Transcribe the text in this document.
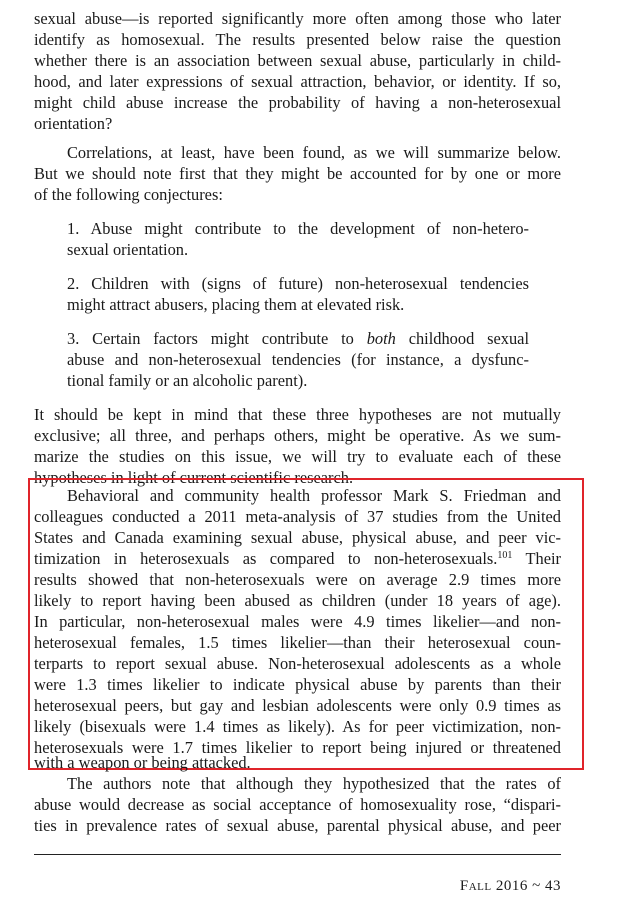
sexual abuse—is reported significantly more often among those who later
identify as homosexual. The results presented below raise the question
whether there is an association between sexual abuse, particularly in child-
hood, and later expressions of sexual attraction, behavior, or identity. If so,
might child abuse increase the probability of having a non-heterosexual
orientation?
Correlations, at least, have been found, as we will summarize below.
But we should note first that they might be accounted for by one or more
of the following conjectures:
1. Abuse might contribute to the development of non-hetero-
sexual orientation.
2. Children with (signs of future) non-heterosexual tendencies
might attract abusers, placing them at elevated risk.
3. Certain factors might contribute to both childhood sexual
abuse and non-heterosexual tendencies (for instance, a dysfunc-
tional family or an alcoholic parent).
It should be kept in mind that these three hypotheses are not mutually
exclusive; all three, and perhaps others, might be operative. As we sum-
marize the studies on this issue, we will try to evaluate each of these
hypotheses in light of current scientific research.
Behavioral and community health professor Mark S. Friedman and
colleagues conducted a 2011 meta-analysis of 37 studies from the United
States and Canada examining sexual abuse, physical abuse, and peer vic-
timization in heterosexuals as compared to non-heterosexuals.$^{101}$ Their
results showed that non-heterosexuals were on average 2.9 times more
likely to report having been abused as children (under 18 years of age).
In particular, non-heterosexual males were 4.9 times likelier—and non-
heterosexual females, 1.5 times likelier—than their heterosexual coun-
terparts to report sexual abuse. Non-heterosexual adolescents as a whole
were 1.3 times likelier to indicate physical abuse by parents than their
heterosexual peers, but gay and lesbian adolescents were only 0.9 times as
likely (bisexuals were 1.4 times as likely). As for peer victimization, non-
heterosexuals were 1.7 times likelier to report being injured or threatened
with a weapon or being attacked.
The authors note that although they hypothesized that the rates of
abuse would decrease as social acceptance of homosexuality rose, “dispari-
ties in prevalence rates of sexual abuse, parental physical abuse, and peer
Fall 2016 ~ 43
